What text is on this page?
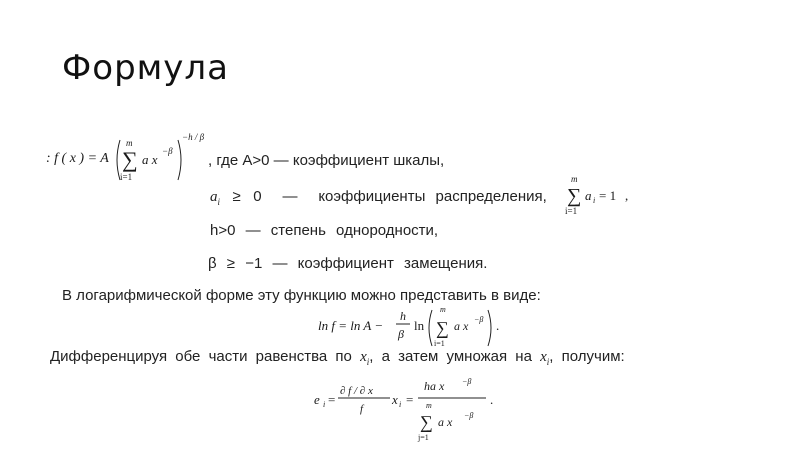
Формула
: f ( x ) = A
m
∑
i=1
a x
−β
−h / β
, где A>0 — коэффициент шкалы,
$a_i \ge 0$ — коэффициенты распределения,
m
∑
i=1
a i = 1 ,
h>0 — степень однородности,
β ≥ −1 — коэффициент замещения.
В логарифмической форме эту функцию можно представить в виде:
ln f = ln A −
h
β
ln
m
∑
i=1
a x −β .
Дифференцируя обе части равенства по $x_i$, а затем умножая на $x_i$, получим:
e i =
∂ f / ∂ x
f
x i =
ha x −β
m
∑
j=1
a x −β
.
